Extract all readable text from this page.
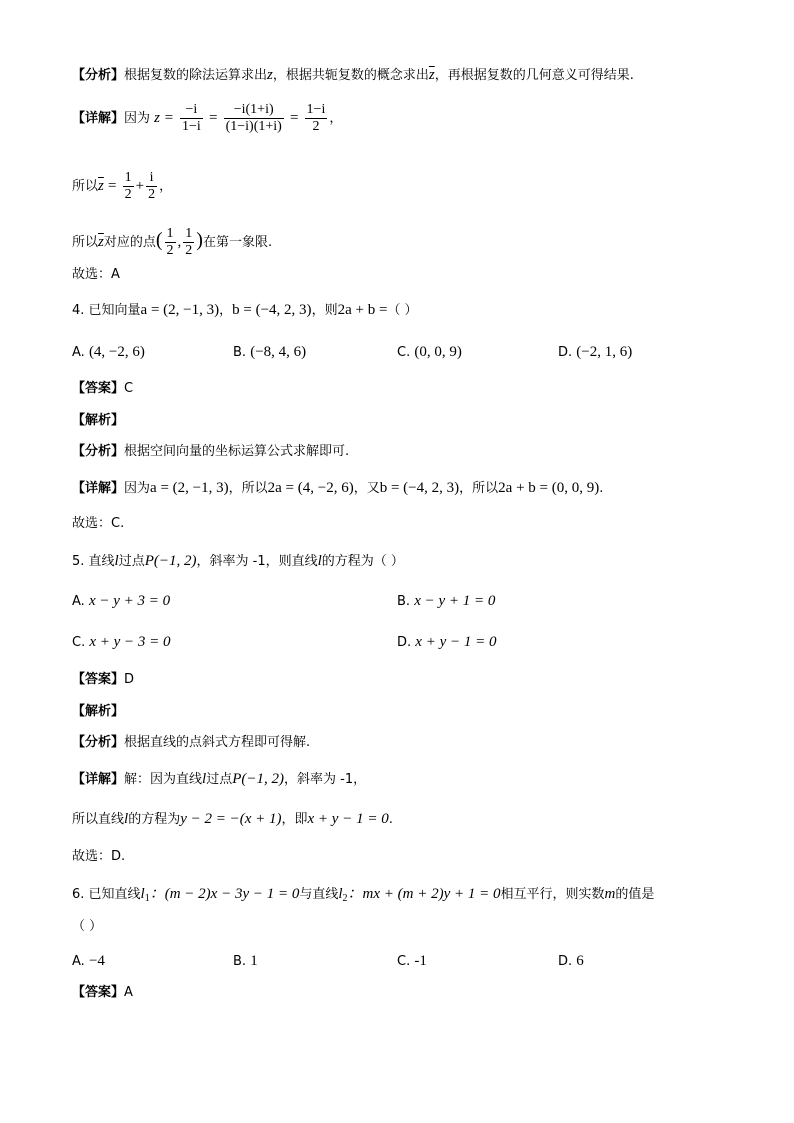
【分析】根据复数的除法运算求出z，根据共轭复数的概念求出$\overline{z}$，再根据复数的几何意义可得结果.
【详解】因为 $z = \frac{-i}{1-i} = \frac{-i(1+i)}{(1-i)(1+i)} = \frac{1-i}{2}$ ，
所以$\overline{z} = \frac{1}{2} + \frac{i}{2}$ ，
所以$\overline{z}$对应的点( $\frac{1}{2}$ , $\frac{1}{2}$ )在第一象限.
故选：A
4. 已知向量a = (2, −1, 3)，b = (−4, 2, 3)，则2a + b =（ ）
A. (4, −2, 6)	B. (−8, 4, 6)	C. (0, 0, 9)	D. (−2, 1, 6)
【答案】C
【解析】
【分析】根据空间向量的坐标运算公式求解即可.
【详解】因为a = (2, −1, 3)，所以2a = (4, −2, 6)，又b = (−4, 2, 3)，所以2a + b = (0, 0, 9).
故选：C.
5. 直线l过点P(−1, 2)，斜率为 -1，则直线l的方程为（ ）
A. x − y + 3 = 0	B. x − y + 1 = 0
C. x + y − 3 = 0	D. x + y − 1 = 0
【答案】D
【解析】
【分析】根据直线的点斜式方程即可得解.
【详解】解：因为直线l过点P(−1, 2)，斜率为 -1，
所以直线l的方程为y − 2 = −(x + 1)，即x + y − 1 = 0.
故选：D.
6. 已知直线$l_1$：(m − 2)x − 3y − 1 = 0与直线$l_2$：mx + (m + 2)y + 1 = 0相互平行，则实数m的值是
（ ）
A. −4	B. 1	C. -1	D. 6
【答案】A
